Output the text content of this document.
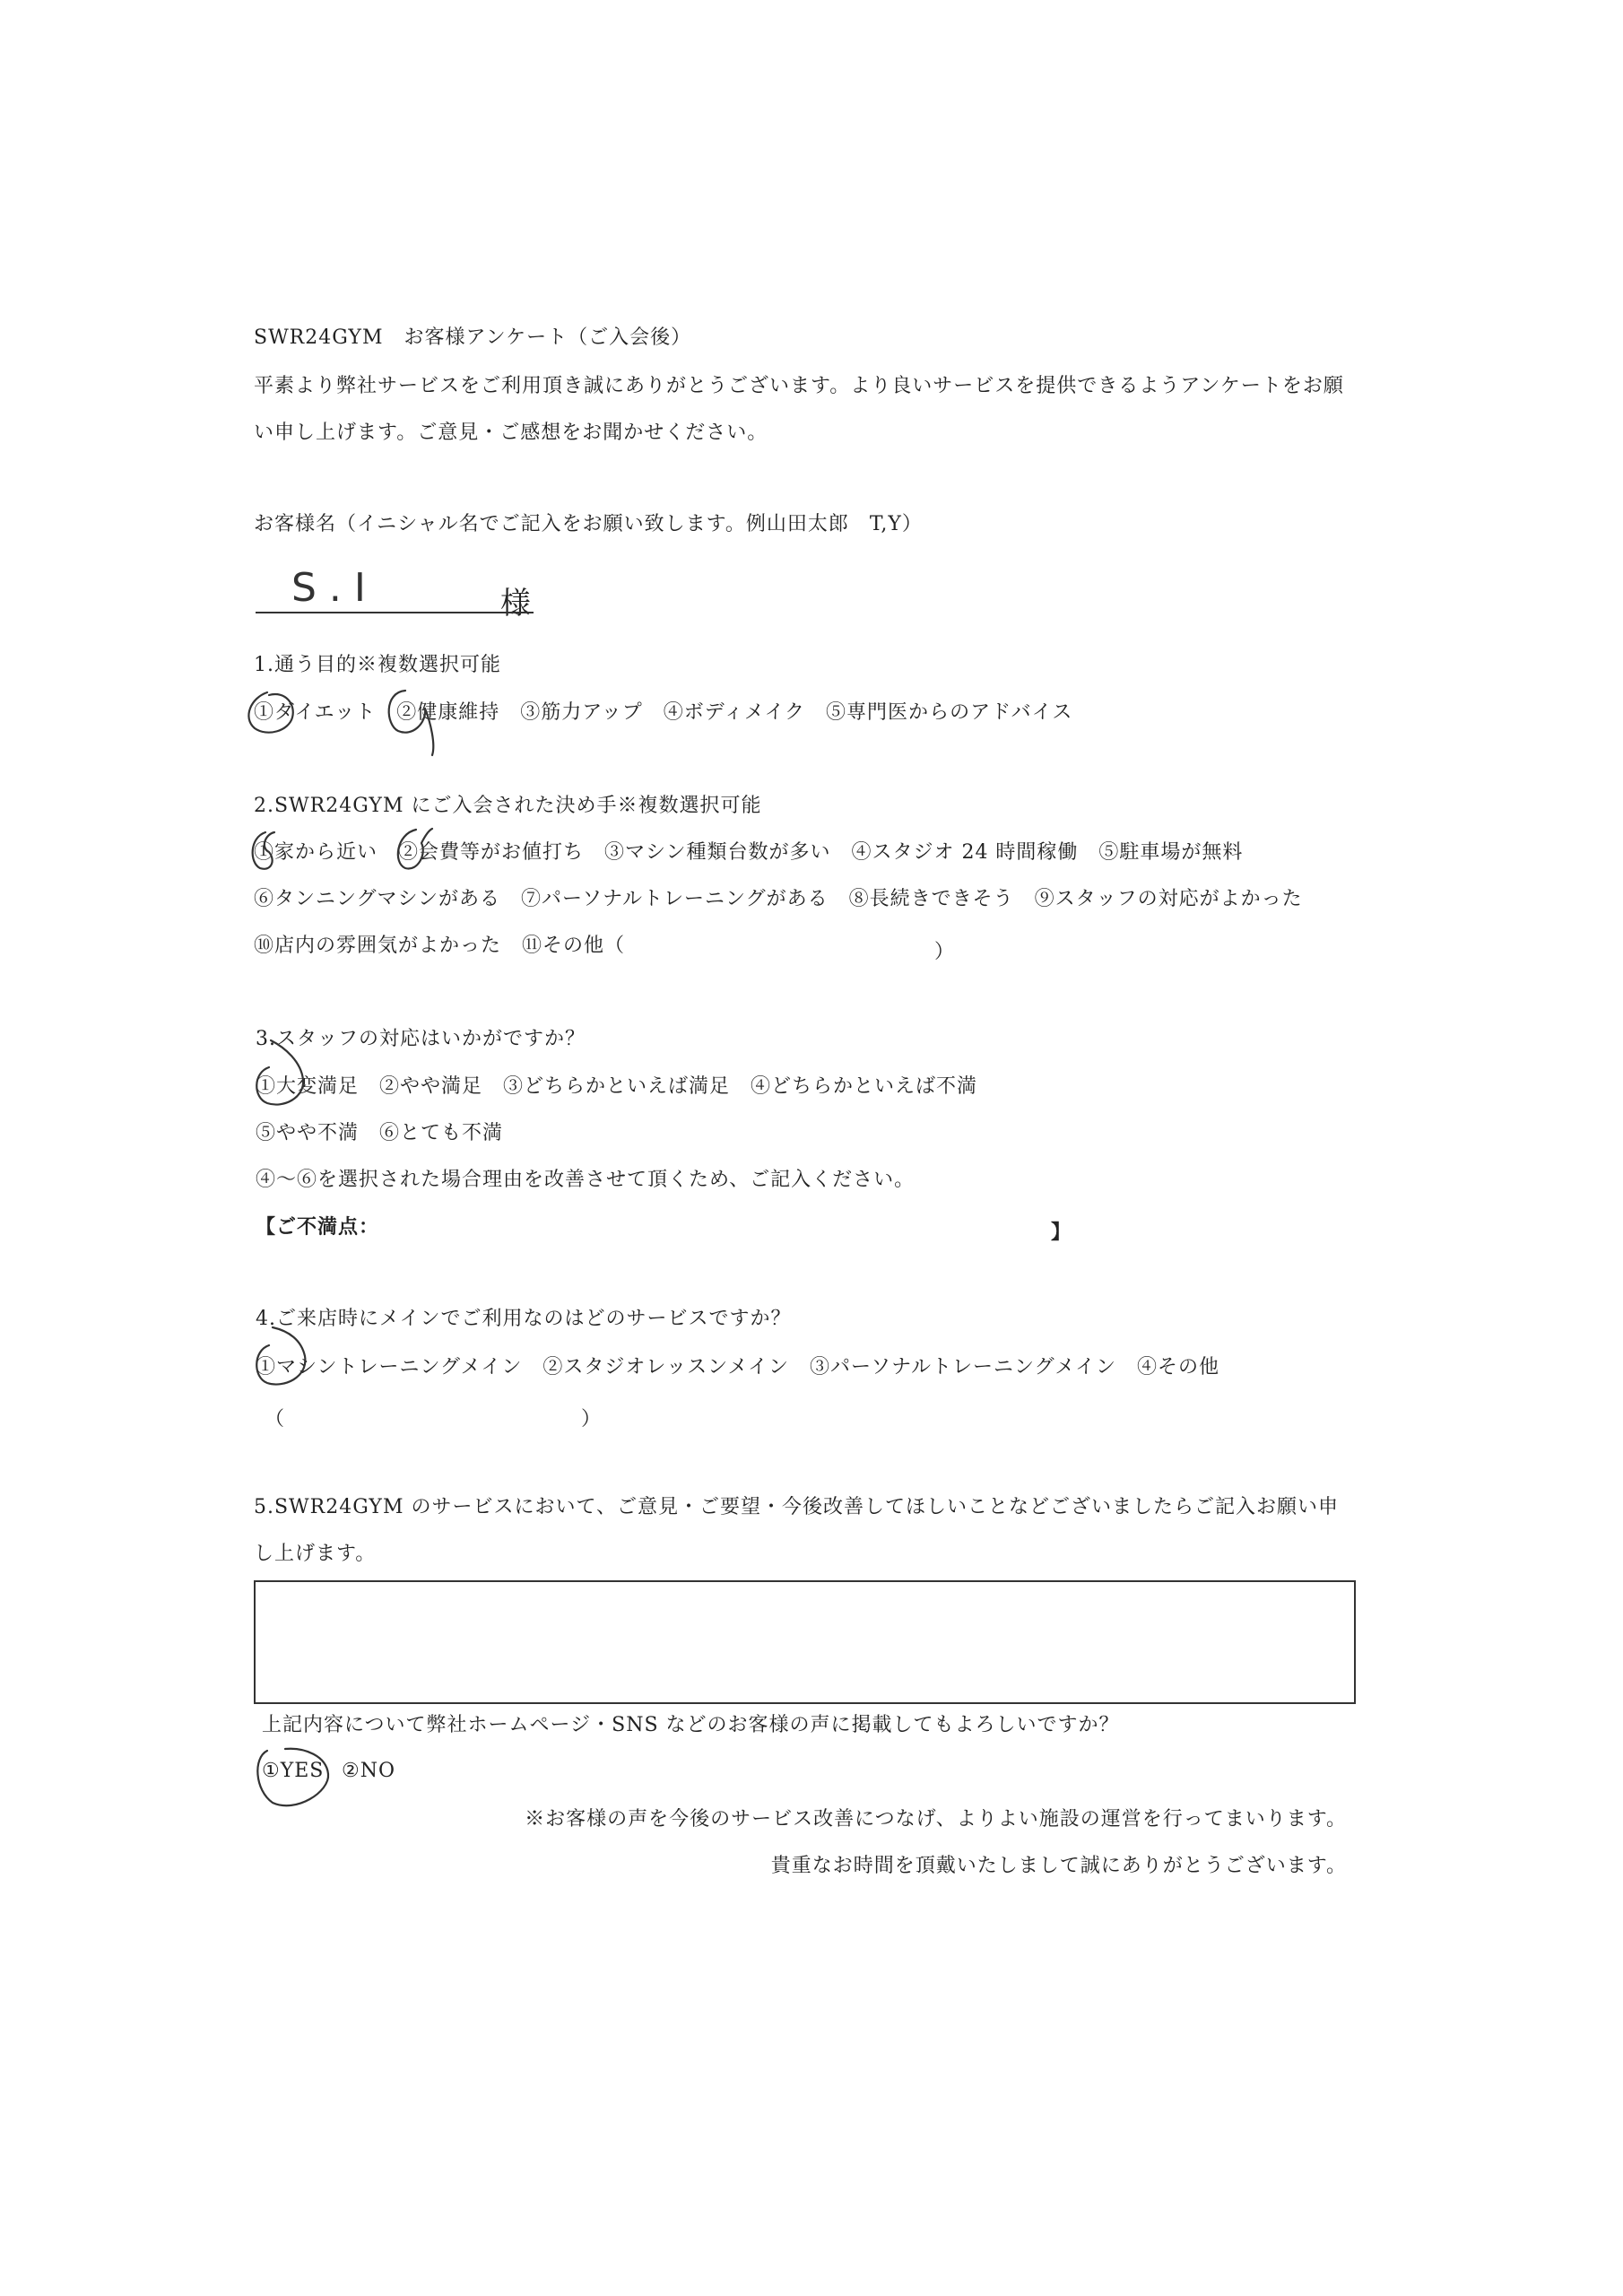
SWR24GYM　お客様アンケート（ご入会後）
平素より弊社サービスをご利用頂き誠にありがとうございます。より良いサービスを提供できるようアンケートをお願
い申し上げます。ご意見・ご感想をお聞かせください。
お客様名（イニシャル名でご記入をお願い致します。例山田太郎　T,Y）
S . I	様
1.通う目的※複数選択可能
①ダイエット　②健康維持　③筋力アップ　④ボディメイク　⑤専門医からのアドバイス
2.SWR24GYM にご入会された決め手※複数選択可能
①家から近い　②会費等がお値打ち　③マシン種類台数が多い　④スタジオ 24 時間稼働　⑤駐車場が無料
⑥タンニングマシンがある　⑦パーソナルトレーニングがある　⑧長続きできそう　⑨スタッフの対応がよかった
⑩店内の雰囲気がよかった　⑪その他（	）
3.スタッフの対応はいかがですか？
①大変満足　②やや満足　③どちらかといえば満足　④どちらかといえば不満
⑤やや不満　⑥とても不満
④〜⑥を選択された場合理由を改善させて頂くため、ご記入ください。
【ご不満点：	】
4.ご来店時にメインでご利用なのはどのサービスですか？
①マシントレーニングメイン　②スタジオレッスンメイン　③パーソナルトレーニングメイン　④その他
（	）
5.SWR24GYM のサービスにおいて、ご意見・ご要望・今後改善してほしいことなどございましたらご記入お願い申
し上げます。
上記内容について弊社ホームページ・SNS などのお客様の声に掲載してもよろしいですか？
①YES ②NO
※お客様の声を今後のサービス改善につなげ、よりよい施設の運営を行ってまいります。
貴重なお時間を頂戴いたしまして誠にありがとうございます。
